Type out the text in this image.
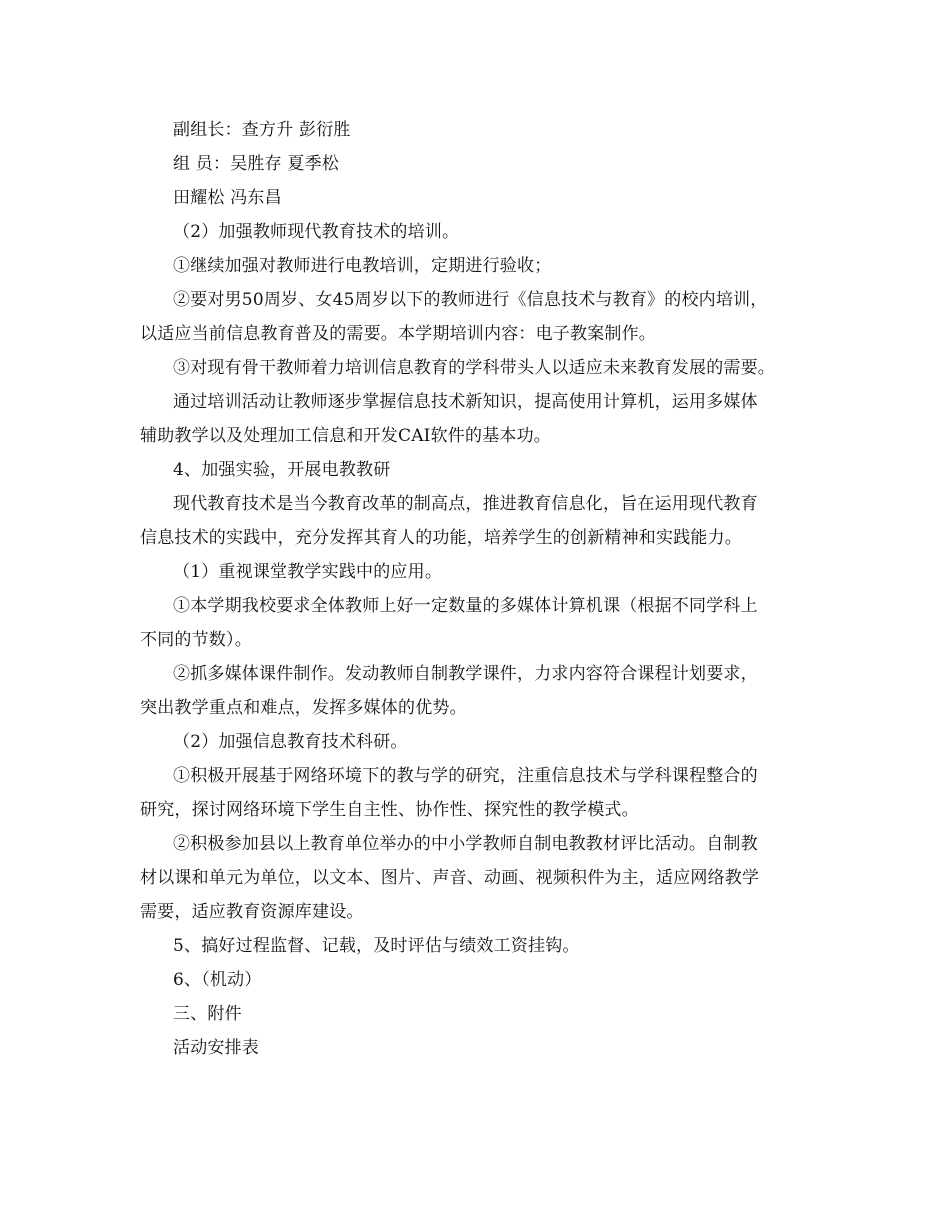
副组长：查方升 彭衍胜
组 员：吴胜存 夏季松
田耀松 冯东昌
（2）加强教师现代教育技术的培训。
①继续加强对教师进行电教培训，定期进行验收；
②要对男50周岁、女45周岁以下的教师进行《信息技术与教育》的校内培训，
以适应当前信息教育普及的需要。本学期培训内容：电子教案制作。
③对现有骨干教师着力培训信息教育的学科带头人以适应未来教育发展的需要。
通过培训活动让教师逐步掌握信息技术新知识，提高使用计算机，运用多媒体
辅助教学以及处理加工信息和开发CAI软件的基本功。
4、加强实验，开展电教教研
现代教育技术是当今教育改革的制高点，推进教育信息化，旨在运用现代教育
信息技术的实践中，充分发挥其育人的功能，培养学生的创新精神和实践能力。
（1）重视课堂教学实践中的应用。
①本学期我校要求全体教师上好一定数量的多媒体计算机课（根据不同学科上
不同的节数）。
②抓多媒体课件制作。发动教师自制教学课件，力求内容符合课程计划要求，
突出教学重点和难点，发挥多媒体的优势。
（2）加强信息教育技术科研。
①积极开展基于网络环境下的教与学的研究，注重信息技术与学科课程整合的
研究，探讨网络环境下学生自主性、协作性、探究性的教学模式。
②积极参加县以上教育单位举办的中小学教师自制电教教材评比活动。自制教
材以课和单元为单位，以文本、图片、声音、动画、视频积件为主，适应网络教学
需要，适应教育资源库建设。
5、搞好过程监督、记载，及时评估与绩效工资挂钩。
6、（机动）
三、附件
活动安排表
